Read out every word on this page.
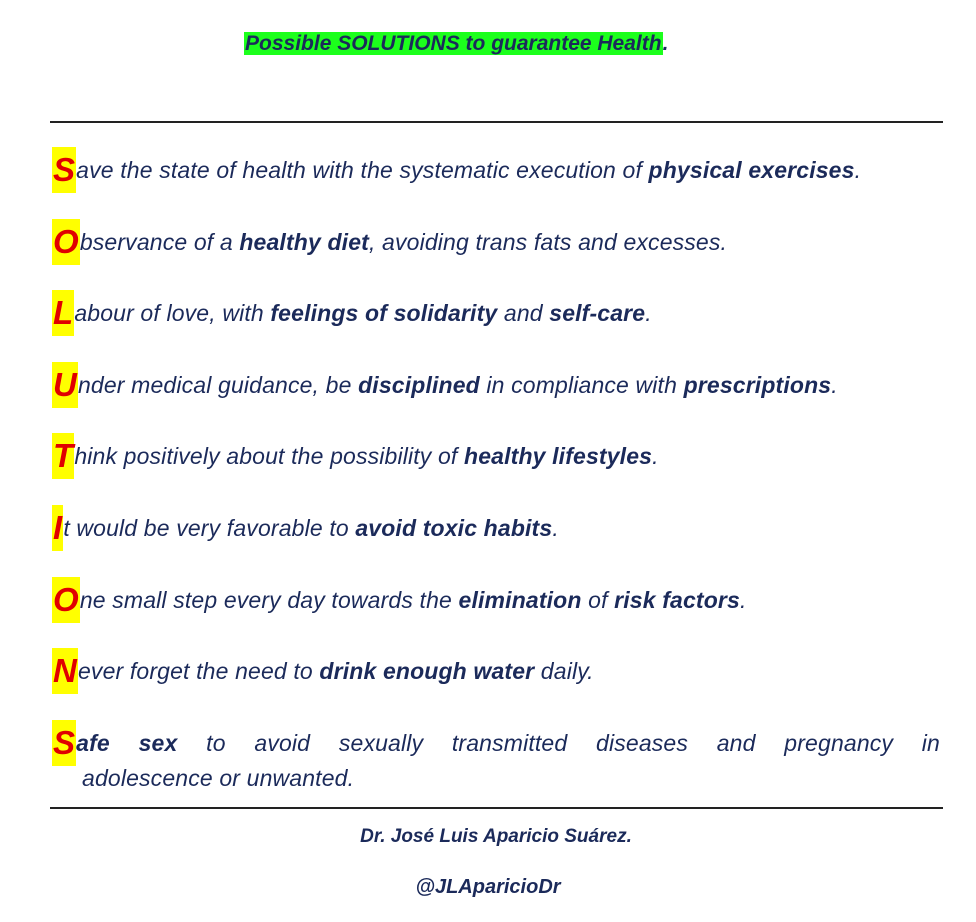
Possible SOLUTIONS to guarantee Health.
Save the state of health with the systematic execution of physical exercises.
Observance of a healthy diet, avoiding trans fats and excesses.
Labour of love, with feelings of solidarity and self-care.
Under medical guidance, be disciplined in compliance with prescriptions.
Think positively about the possibility of healthy lifestyles.
It would be very favorable to avoid toxic habits.
One small step every day towards the elimination of risk factors.
Never forget the need to drink enough water daily.
Safe sex to avoid sexually transmitted diseases and pregnancy in
adolescence or unwanted.
Dr. José Luis Aparicio Suárez.
@JLAparicioDr
